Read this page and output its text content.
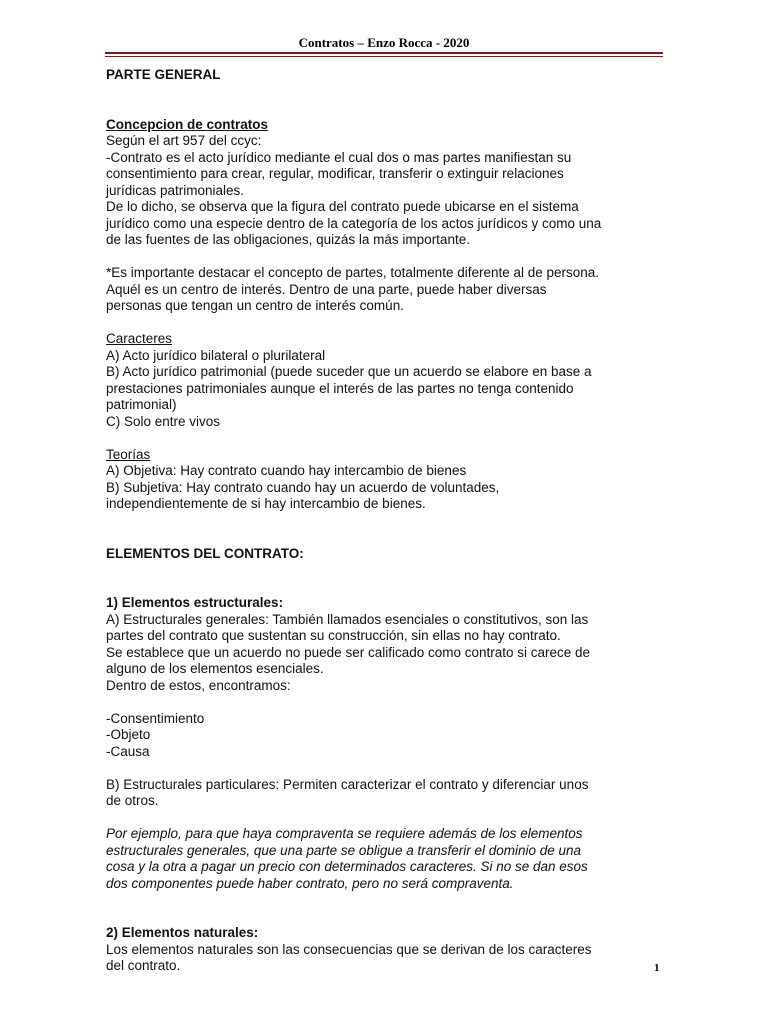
Contratos – Enzo Rocca - 2020

PARTE GENERAL

Concepcion de contratos

Según el art 957 del ccyc:

-Contrato es el acto jurídico mediante el cual dos o mas partes manifiestan su

consentimiento para crear, regular, modificar, transferir o extinguir relaciones

jurídicas patrimoniales.

De lo dicho, se observa que la figura del contrato puede ubicarse en el sistema

jurídico como una especie dentro de la categoría de los actos jurídicos y como una

de las fuentes de las obligaciones, quizás la más importante.

*Es importante destacar el concepto de partes, totalmente diferente al de persona.

Aquél es un centro de interés. Dentro de una parte, puede haber diversas

personas que tengan un centro de interés común.

Caracteres

A) Acto jurídico bilateral o plurilateral

B) Acto jurídico patrimonial (puede suceder que un acuerdo se elabore en base a

prestaciones patrimoniales aunque el interés de las partes no tenga contenido

patrimonial)

C) Solo entre vivos

Teorías

A) Objetiva: Hay contrato cuando hay intercambio de bienes

B) Subjetiva: Hay contrato cuando hay un acuerdo de voluntades,

independientemente de si hay intercambio de bienes.

ELEMENTOS DEL CONTRATO:

1) Elementos estructurales:

A) Estructurales generales: También llamados esenciales o constitutivos, son las

partes del contrato que sustentan su construcción, sin ellas no hay contrato.

Se establece que un acuerdo no puede ser calificado como contrato si carece de

alguno de los elementos esenciales.

Dentro de estos, encontramos:

-Consentimiento

-Objeto

-Causa

B) Estructurales particulares: Permiten caracterizar el contrato y diferenciar unos

de otros.

Por ejemplo, para que haya compraventa se requiere además de los elementos

estructurales generales, que una parte se obligue a transferir el dominio de una

cosa y la otra a pagar un precio con determinados caracteres. Si no se dan esos

dos componentes puede haber contrato, pero no será compraventa.

2) Elementos naturales:

Los elementos naturales son las consecuencias que se derivan de los caracteres

del contrato.	1
